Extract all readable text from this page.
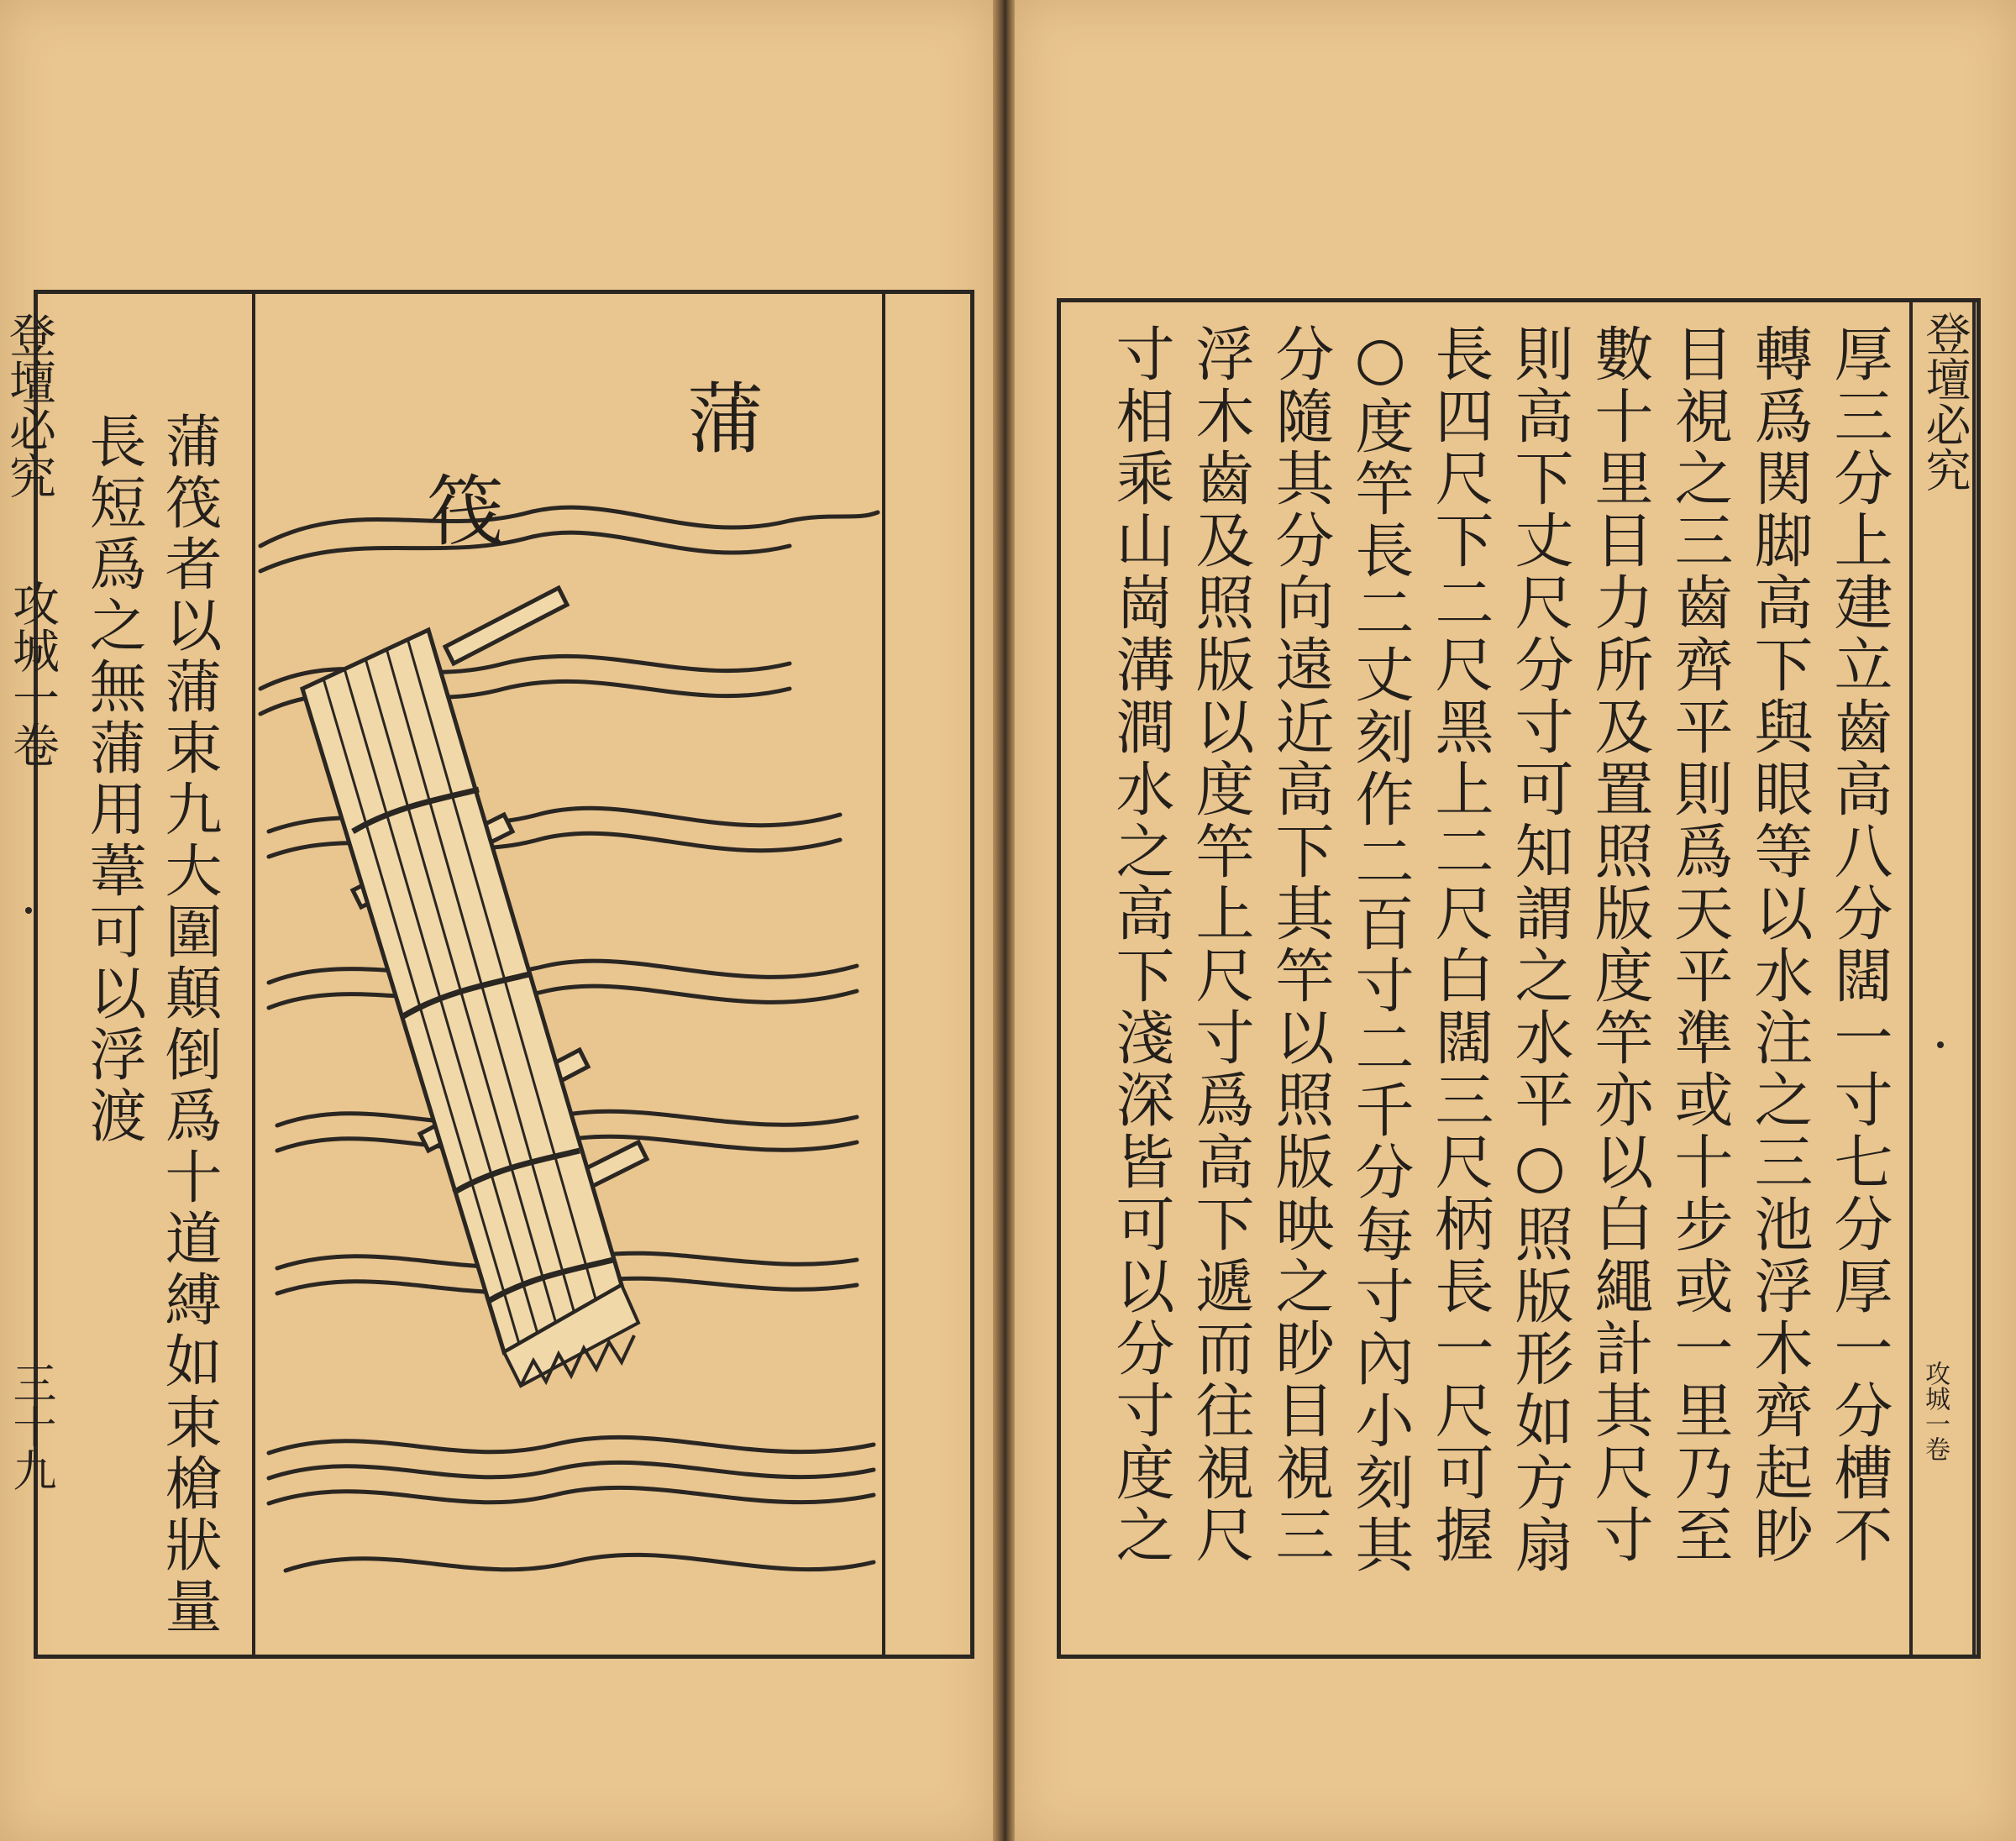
蒲
筏
蒲筏者以蒲束九大圍顛倒爲十道縛如束槍狀量
長短爲之無蒲用葦可以浮渡
登壇必究
攻城一卷
三十九
登壇必究
攻城一卷
厚三分上建立齒高八分闊一寸七分厚一分槽不
轉爲関脚高下與眼等以水注之三池浮木齊起眇
目視之三齒齊平則爲天平準或十步或一里乃至
數十里目力所及置照版度竿亦以白繩計其尺寸
則高下丈尺分寸可知謂之水平○照版形如方扇
長四尺下二尺黑上二尺白闊三尺柄長一尺可握
○度竿長二丈刻作二百寸二千分每寸內小刻其
分隨其分向遠近高下其竿以照版映之眇目視三
浮木齒及照版以度竿上尺寸爲高下遞而往視尺
寸相乘山崗溝澗水之高下淺深皆可以分寸度之
